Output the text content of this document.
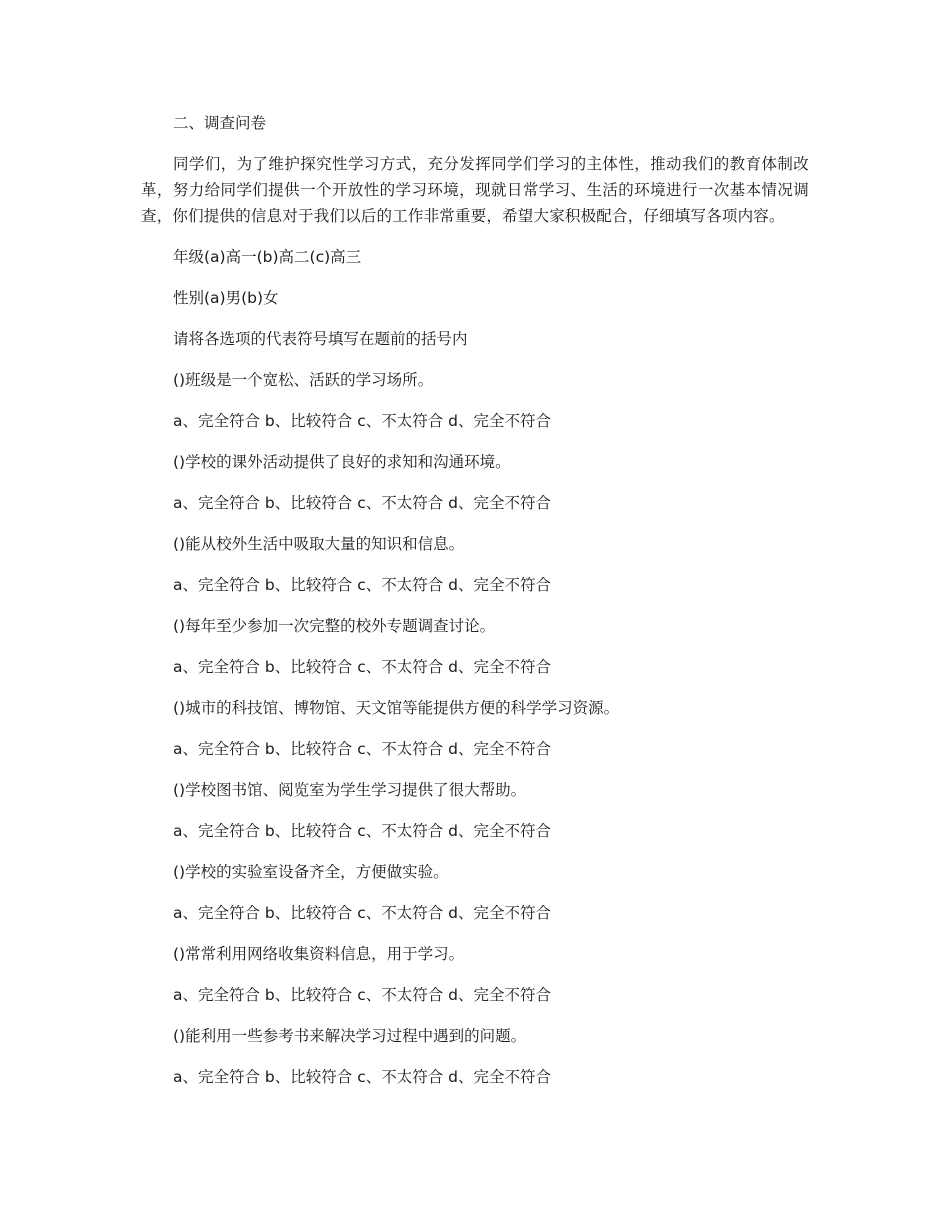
二、调查问卷

同学们，为了维护探究性学习方式，充分发挥同学们学习的主体性，推动我们的教育体制改革，努力给同学们提供一个开放性的学习环境，现就日常学习、生活的环境进行一次基本情况调查，你们提供的信息对于我们以后的工作非常重要，希望大家积极配合，仔细填写各项内容。

年级(a)高一(b)高二(c)高三

性别(a)男(b)女

请将各选项的代表符号填写在题前的括号内

()班级是一个宽松、活跃的学习场所。

a、完全符合 b、比较符合 c、不太符合 d、完全不符合

()学校的课外活动提供了良好的求知和沟通环境。

a、完全符合 b、比较符合 c、不太符合 d、完全不符合

()能从校外生活中吸取大量的知识和信息。

a、完全符合 b、比较符合 c、不太符合 d、完全不符合

()每年至少参加一次完整的校外专题调查讨论。

a、完全符合 b、比较符合 c、不太符合 d、完全不符合

()城市的科技馆、博物馆、天文馆等能提供方便的科学学习资源。

a、完全符合 b、比较符合 c、不太符合 d、完全不符合

()学校图书馆、阅览室为学生学习提供了很大帮助。

a、完全符合 b、比较符合 c、不太符合 d、完全不符合

()学校的实验室设备齐全，方便做实验。

a、完全符合 b、比较符合 c、不太符合 d、完全不符合

()常常利用网络收集资料信息，用于学习。

a、完全符合 b、比较符合 c、不太符合 d、完全不符合

()能利用一些参考书来解决学习过程中遇到的问题。

a、完全符合 b、比较符合 c、不太符合 d、完全不符合
